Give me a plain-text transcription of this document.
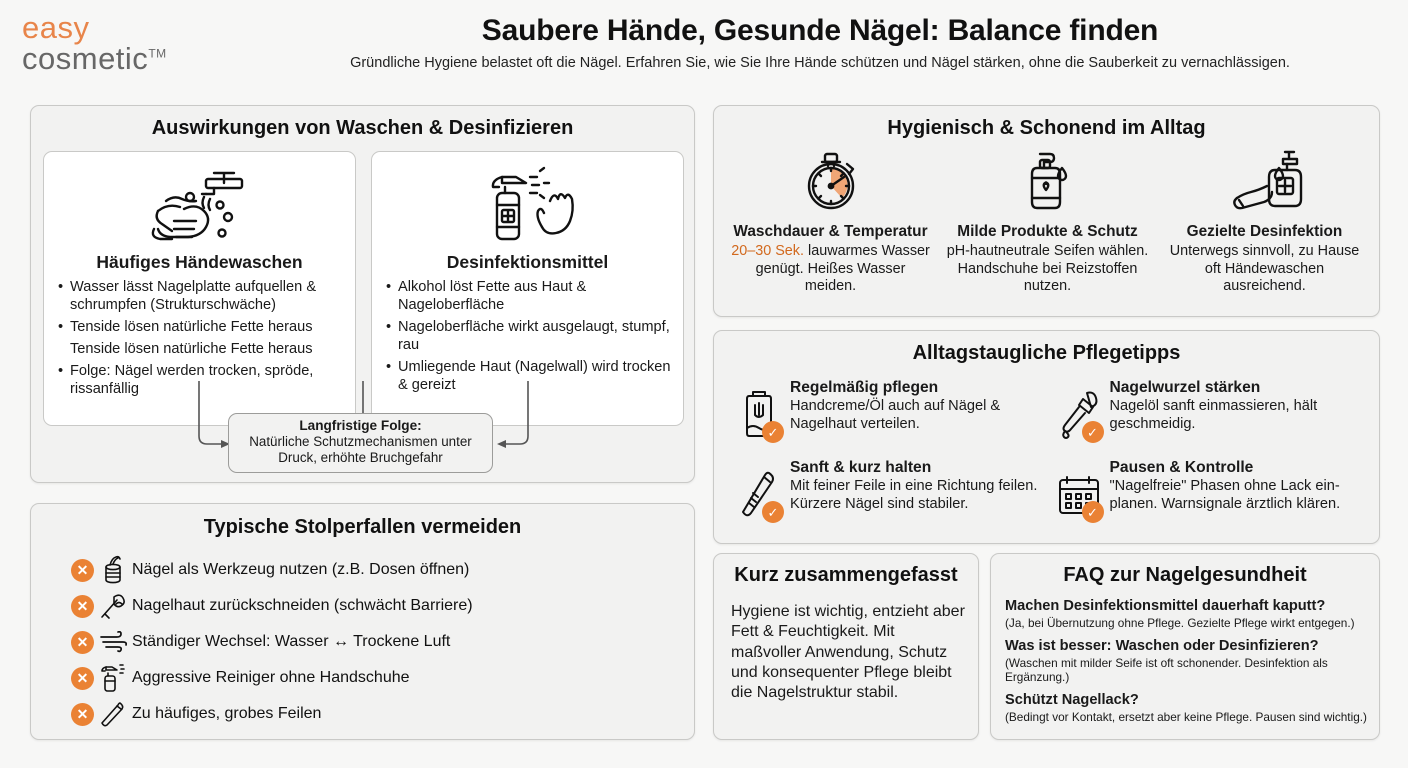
easy
cosmetic™
Saubere Hände, Gesunde Nägel: Balance finden
Gründliche Hygiene belastet oft die Nägel. Erfahren Sie, wie Sie Ihre Hände schützen und Nägel stärken, ohne die Sauberkeit zu vernachlässigen.
Auswirkungen von Waschen & Desinfizieren
Häufiges Händewaschen
• Wasser lässt Nagelplatte aufquellen & schrumpfen (Strukturschwäche)
• Tenside lösen natürliche Fette heraus
Tenside lösen natürliche Fette heraus
• Folge: Nägel werden trocken, spröde, rissanfällig
Desinfektionsmittel
• Alkohol löst Fette aus Haut & Nageloberfläche
• Nageloberfläche wirkt ausgelaugt, stumpf, rau
• Umliegende Haut (Nagelwall) wird trocken & gereizt
Langfristige Folge:
Natürliche Schutzmechanismen unter Druck, erhöhte Bruchgefahr
Typische Stolperfallen vermeiden
✕	Nägel als Werkzeug nutzen (z.B. Dosen öffnen)
✕	Nagelhaut zurückschneiden (schwächt Barriere)
✕	Ständiger Wechsel: Wasser ↔ Trockene Luft
✕	Aggressive Reiniger ohne Handschuhe
✕	Zu häufiges, grobes Feilen
Hygienisch & Schonend im Alltag
Waschdauer & Temperatur
20–30 Sek. lauwarmes Wasser genügt. Heißes Wasser meiden.
Milde Produkte & Schutz
pH-hautneutrale Seifen wählen. Handschuhe bei Reizstoffen nutzen.
Gezielte Desinfektion
Unterwegs sinnvoll, zu Hause oft Händewaschen ausreichend.
Alltagstaugliche Pflegetipps
✓
Regelmäßig pflegen
Handcreme/Öl auch auf Nägel & Nagelhaut verteilen.
✓
Nagelwurzel stärken
Nagelöl sanft einmassieren, hält geschmeidig.
✓
Sanft & kurz halten
Mit feiner Feile in eine Richtung feilen. Kürzere Nägel sind stabiler.
✓
Pausen & Kontrolle
"Nagelfreie" Phasen ohne Lack ein-planen. Warnsignale ärztlich klären.
Kurz zusammengefasst
Hygiene ist wichtig, entzieht aber Fett & Feuchtigkeit. Mit maßvoller Anwendung, Schutz und konsequenter Pflege bleibt die Nagelstruktur stabil.
FAQ zur Nagelgesundheit
Machen Desinfektionsmittel dauerhaft kaputt?
(Ja, bei Übernutzung ohne Pflege. Gezielte Pflege wirkt entgegen.)
Was ist besser: Waschen oder Desinfizieren?
(Waschen mit milder Seife ist oft schonender. Desinfektion als Ergänzung.)
Schützt Nagellack?
(Bedingt vor Kontakt, ersetzt aber keine Pflege. Pausen sind wichtig.)
